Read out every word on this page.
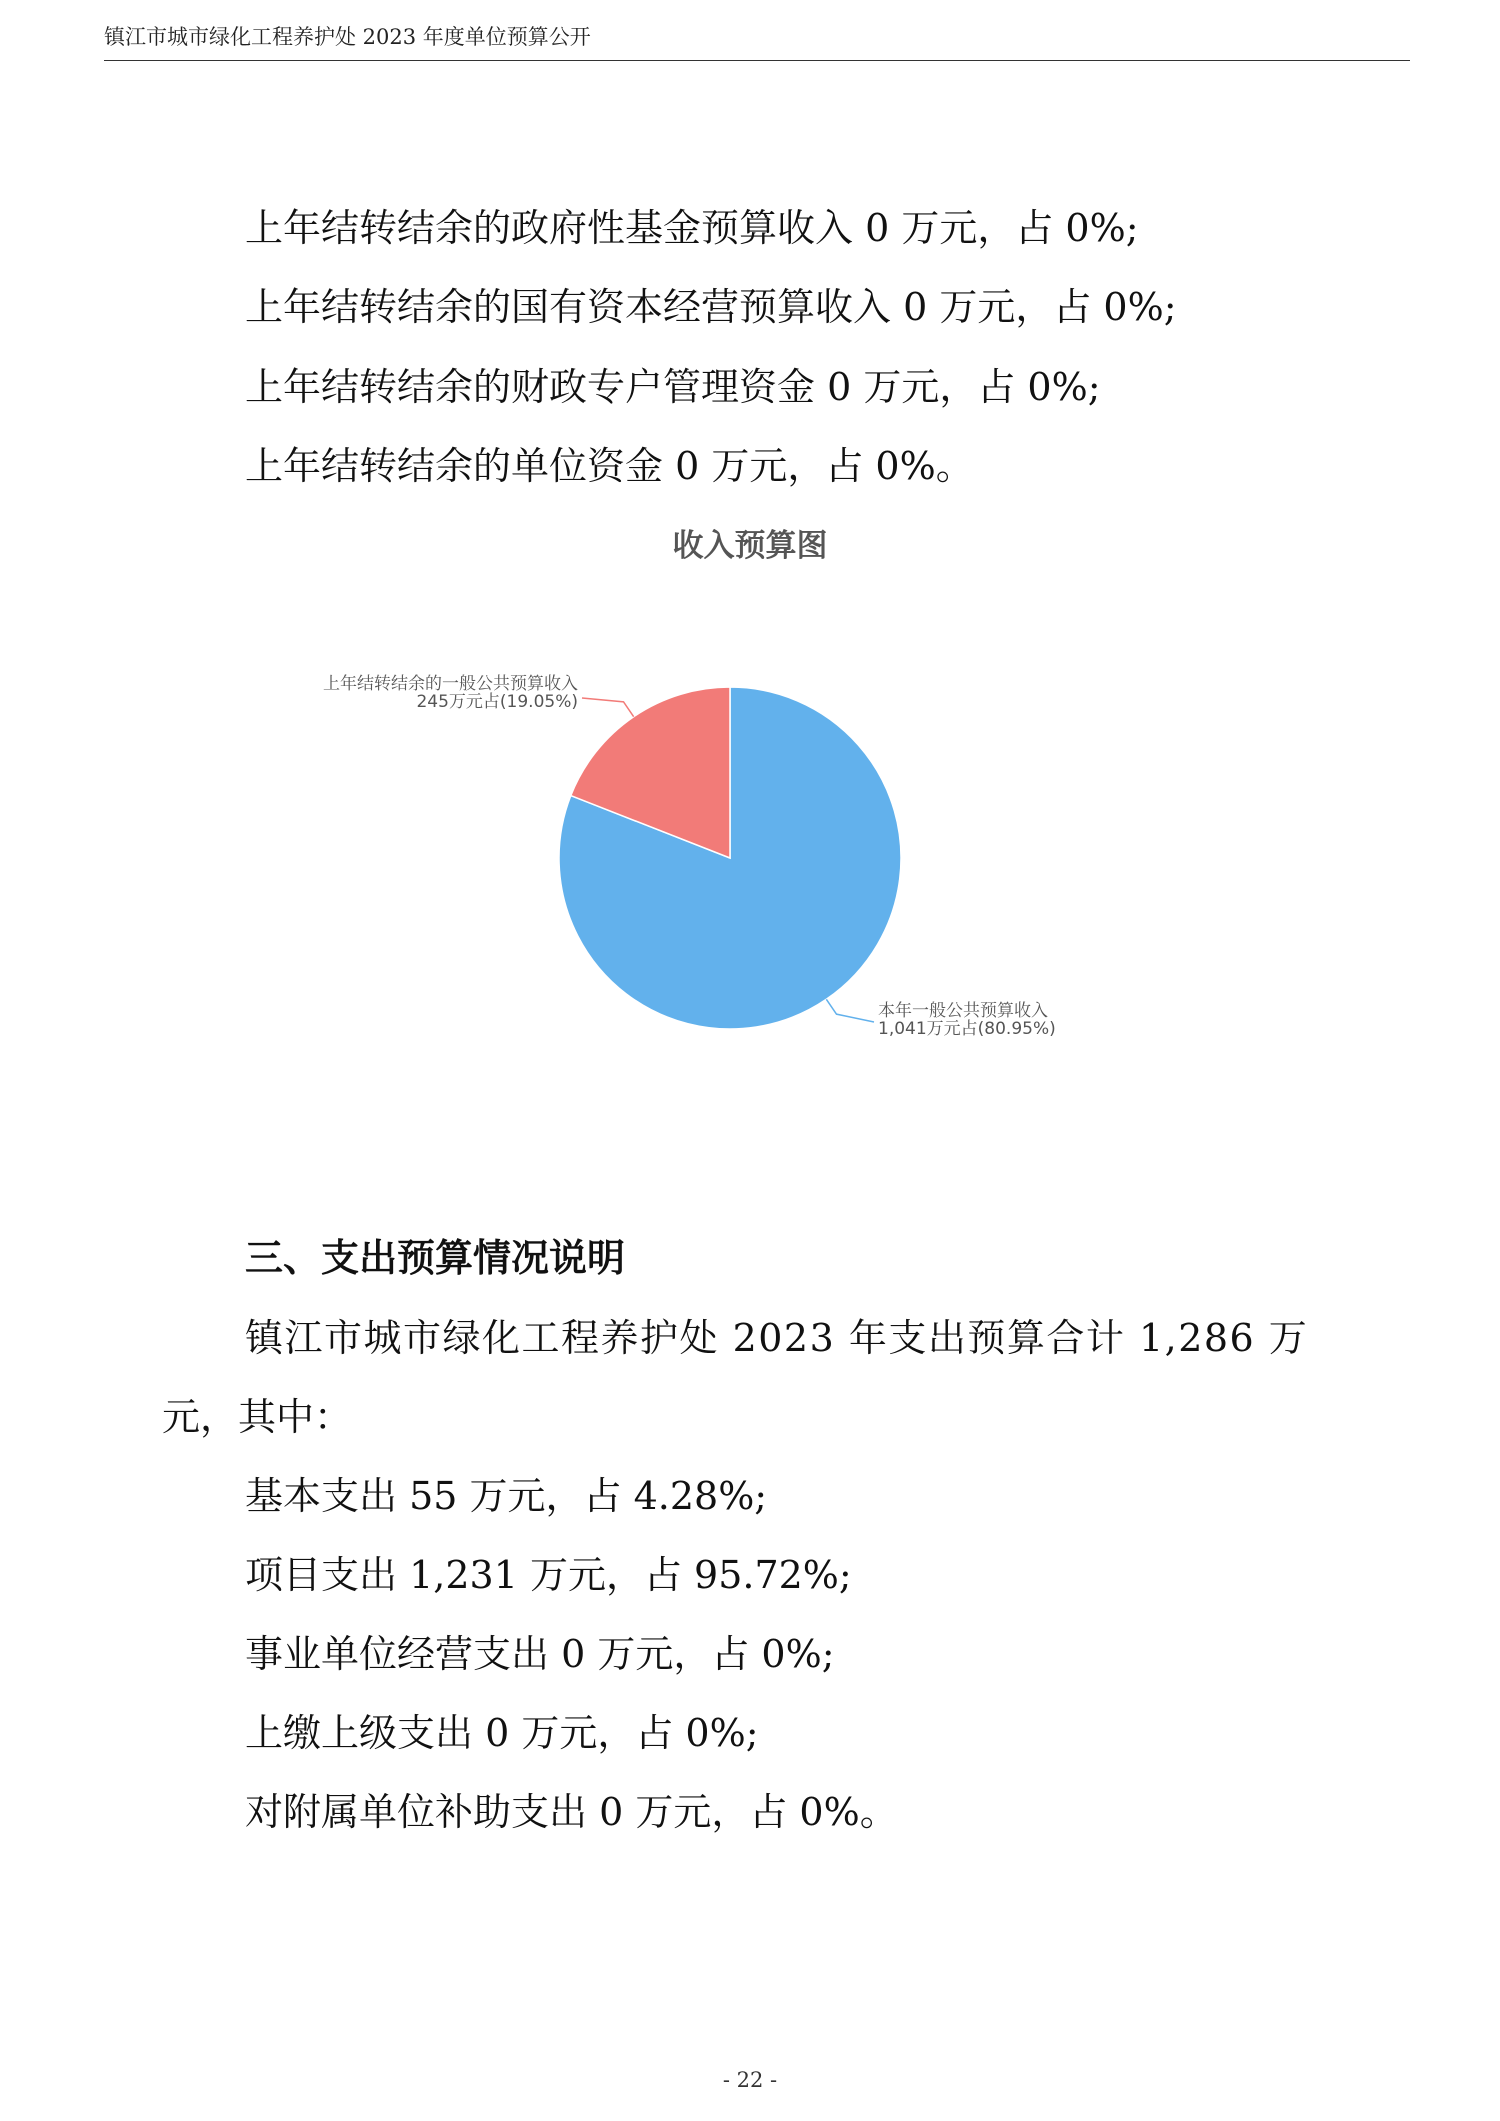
镇江市城市绿化工程养护处 2023 年度单位预算公开
上年结转结余的政府性基金预算收入 0 万元，占 0%;
上年结转结余的国有资本经营预算收入 0 万元，占 0%;
上年结转结余的财政专户管理资金 0 万元，占 0%;
上年结转结余的单位资金 0 万元，占 0%。
收入预算图
上年结转结余的一般公共预算收入
245万元占(19.05%)
本年一般公共预算收入
1,041万元占(80.95%)
三、支出预算情况说明
镇江市城市绿化工程养护处 2023 年支出预算合计 1,286 万
元，其中：
基本支出 55 万元，占 4.28%;
项目支出 1,231 万元，占 95.72%;
事业单位经营支出 0 万元，占 0%;
上缴上级支出 0 万元，占 0%;
对附属单位补助支出 0 万元，占 0%。
- 22 -
